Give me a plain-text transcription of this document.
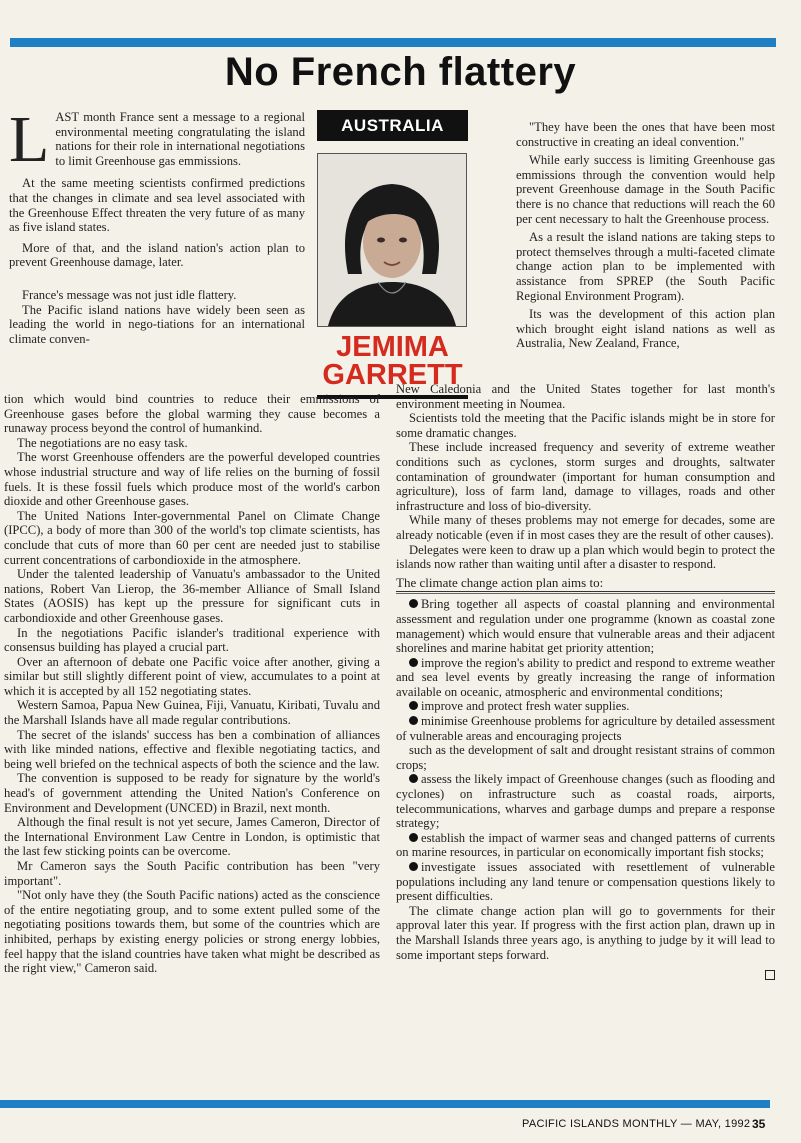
No French flattery

LAST month France sent a message to a regional environmental meeting congratulating the island nations for their role in international negotiations to limit Greenhouse gas emmissions.

At the same meeting scientists confirmed predictions that the changes in climate and sea level associated with the Greenhouse Effect threaten the very future of as many as five island states.

More of that, and the island nation's action plan to prevent Greenhouse damage, later.

France's message was not just idle flattery.

The Pacific island nations have widely been seen as leading the world in nego-tiations for an international climate conven-

AUSTRALIA
JEMIMA
GARRETT

"They have been the ones that have been most constructive in creating an ideal convention."

While early success is limiting Greenhouse gas emmissions through the convention would help prevent Greenhouse damage in the South Pacific there is no chance that reductions will reach the 60 per cent necessary to halt the Greenhouse process.

As a result the island nations are taking steps to protect themselves through a multi-faceted climate change action plan to be implemented with assistance from SPREP (the South Pacific Regional Environment Program).

Its was the development of this action plan which brought eight island nations as well as Australia, New Zealand, France,

tion which would bind countries to reduce their emmissions of Greenhouse gases before the global warming they cause becomes a runaway process beyond the control of humankind.

The negotiations are no easy task.

The worst Greenhouse offenders are the powerful developed countries whose industrial structure and way of life relies on the burning of fossil fuels. It is these fossil fuels which produce most of the world's carbon dioxide and other Greenhouse gases.

The United Nations Inter-governmental Panel on Climate Change (IPCC), a body of more than 300 of the world's top climate scientists, has conclude that cuts of more than 60 per cent are needed just to stabilise current concentrations of carbondioxide in the atmosphere.

Under the talented leadership of Vanuatu's ambassador to the United nations, Robert Van Lierop, the 36-member Alliance of Small Island States (AOSIS) has kept up the pressure for significant cuts in carbondioxide and other Greenhouse gases.

In the negotiations Pacific islander's traditional experience with consensus building has played a crucial part.

Over an afternoon of debate one Pacific voice after another, giving a similar but still slightly different point of view, accumulates to a point at which it is accepted by all 152 negotiating states.

Western Samoa, Papua New Guinea, Fiji, Vanuatu, Kiribati, Tuvalu and the Marshall Islands have all made regular contributions.

The secret of the islands' success has ben a combination of alliances with like minded nations, effective and flexible negotiating tactics, and being well briefed on the technical aspects of both the science and the law.

The convention is supposed to be ready for signature by the world's head's of government attending the United Nation's Conference on Environment and Development (UNCED) in Brazil, next month.

Although the final result is not yet secure, James Cameron, Director of the International Environment Law Centre in London, is optimistic that the last few sticking points can be overcome.

Mr Cameron says the South Pacific contribution has been "very important".

"Not only have they (the South Pacific nations) acted as the conscience of the entire negotiating group, and to some extent pulled some of the negotiating positions towards them, but some of the countries which are inhibited, perhaps by existing energy policies or strong energy lobbies, feel happy that the island countries have taken what might be described as the right view," Cameron said.

New Caledonia and the United States together for last month's environment meeting in Noumea.

Scientists told the meeting that the Pacific islands might be in store for some dramatic changes.

These include increased frequency and severity of extreme weather conditions such as cyclones, storm surges and droughts, saltwater contamination of groundwater (important for human consumption and agriculture), loss of farm land, damage to villages, roads and other infrastructure and loss of bio-diversity.

While many of theses problems may not emerge for decades, some are already noticable (even if in most cases they are the result of other causes).

Delegates were keen to draw up a plan which would begin to protect the islands now rather than waiting until after a disaster to respond.

The climate change action plan aims to:

Bring together all aspects of coastal planning and environmental assessment and regulation under one programme (known as coastal zone management) which would ensure that vulnerable areas and their adjacent shorelines and marine habitat get priority attention;

improve the region's ability to predict and respond to extreme weather and sea level events by greatly increasing the range of information available on oceanic, atmospheric and environmental conditions;

improve and protect fresh water supplies.

minimise Greenhouse problems for agriculture by detailed assessment of vulnerable areas and encouraging projects

such as the development of salt and drought resistant strains of common crops;

assess the likely impact of Greenhouse changes (such as flooding and cyclones) on infrastructure such as coastal roads, airports, telecommunications, wharves and garbage dumps and prepare a response strategy;

establish the impact of warmer seas and changed patterns of currents on marine resources, in particular on economically important fish stocks;

investigate issues associated with resettlement of vulnerable populations including any land tenure or compensation questions likely to present difficulties.

The climate change action plan will go to governments for their approval later this year. If progress with the first action plan, drawn up in the Marshall Islands three years ago, is anything to judge by it will lead to some important steps forward.

PACIFIC ISLANDS MONTHLY — MAY, 1992 35
